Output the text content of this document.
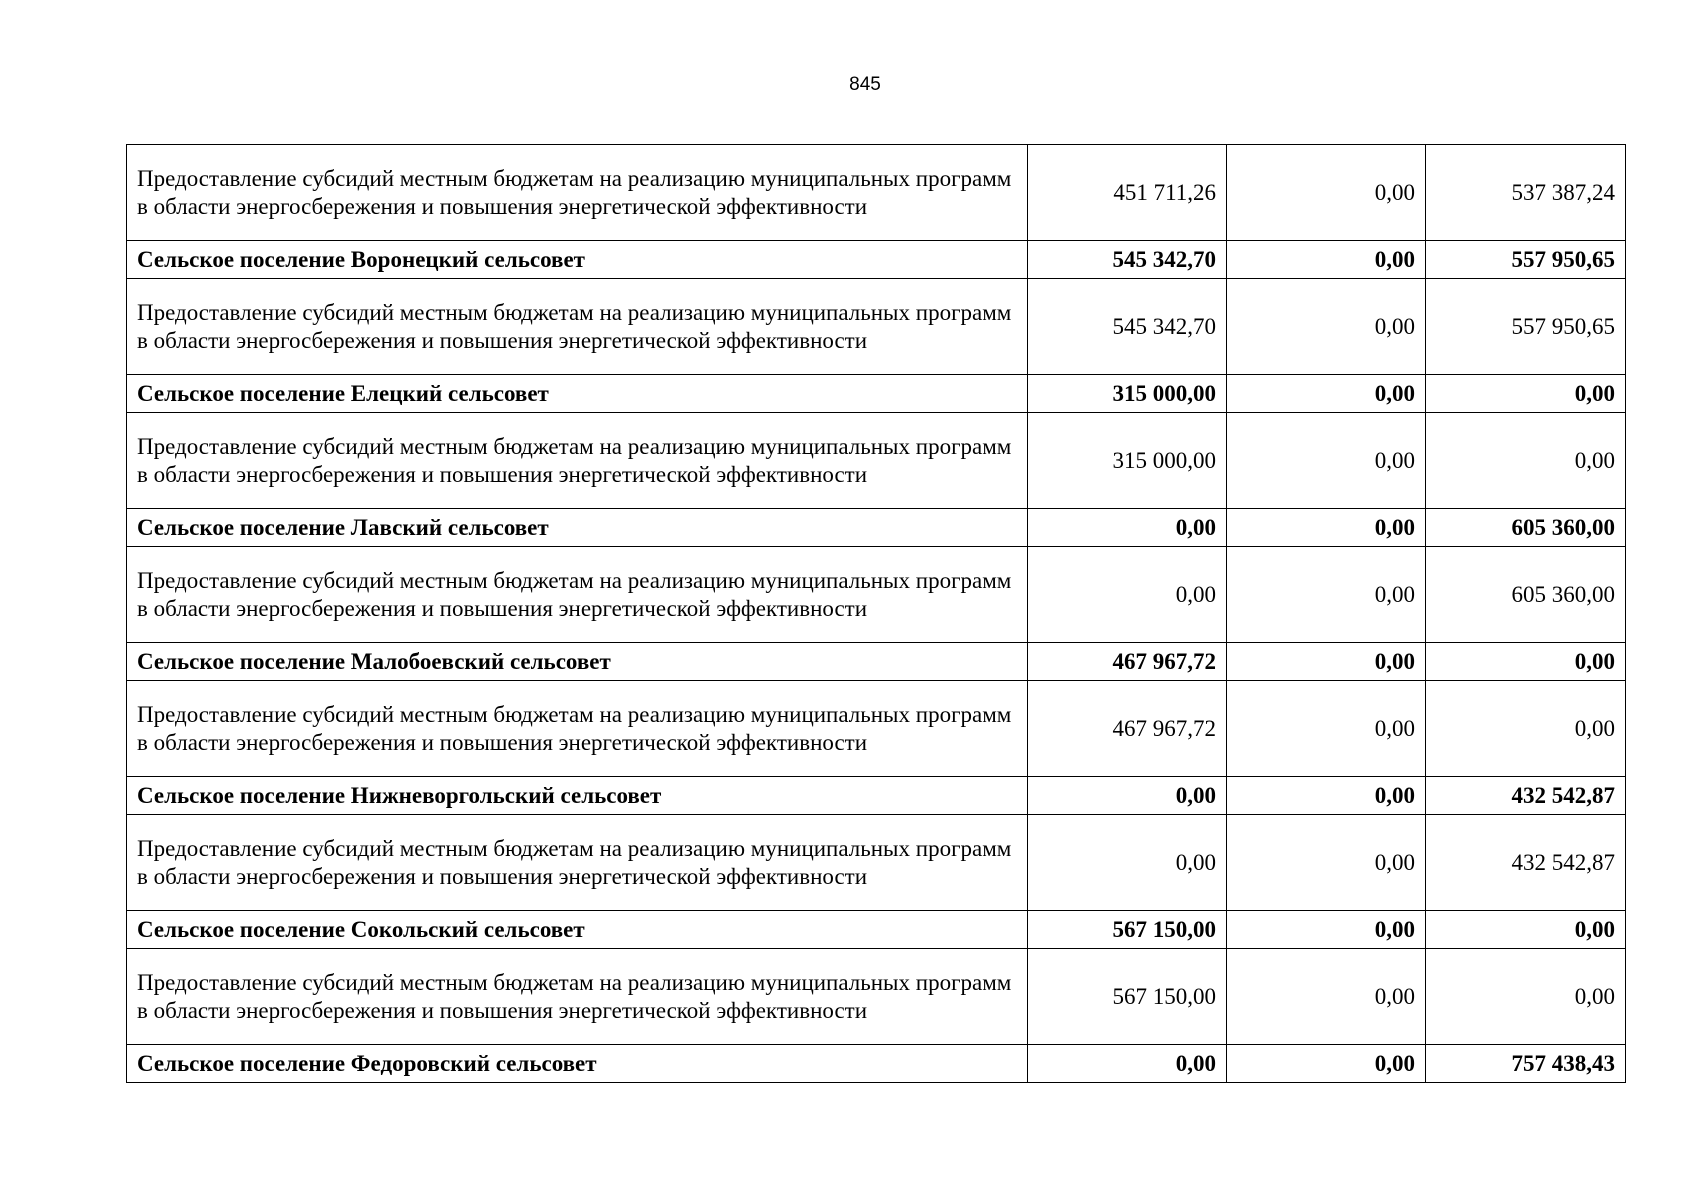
845
Предоставление субсидий местным бюджетам на реализацию муниципальных программ в области энергосбережения и повышения энергетической эффективности	451 711,26	0,00	537 387,24
Сельское поселение Воронецкий сельсовет	545 342,70	0,00	557 950,65
Предоставление субсидий местным бюджетам на реализацию муниципальных программ в области энергосбережения и повышения энергетической эффективности	545 342,70	0,00	557 950,65
Сельское поселение Елецкий сельсовет	315 000,00	0,00	0,00
Предоставление субсидий местным бюджетам на реализацию муниципальных программ в области энергосбережения и повышения энергетической эффективности	315 000,00	0,00	0,00
Сельское поселение Лавский сельсовет	0,00	0,00	605 360,00
Предоставление субсидий местным бюджетам на реализацию муниципальных программ в области энергосбережения и повышения энергетической эффективности	0,00	0,00	605 360,00
Сельское поселение Малобоевский сельсовет	467 967,72	0,00	0,00
Предоставление субсидий местным бюджетам на реализацию муниципальных программ в области энергосбережения и повышения энергетической эффективности	467 967,72	0,00	0,00
Сельское поселение Нижневоргольский сельсовет	0,00	0,00	432 542,87
Предоставление субсидий местным бюджетам на реализацию муниципальных программ в области энергосбережения и повышения энергетической эффективности	0,00	0,00	432 542,87
Сельское поселение Сокольский сельсовет	567 150,00	0,00	0,00
Предоставление субсидий местным бюджетам на реализацию муниципальных программ в области энергосбережения и повышения энергетической эффективности	567 150,00	0,00	0,00
Сельское поселение Федоровский сельсовет	0,00	0,00	757 438,43
